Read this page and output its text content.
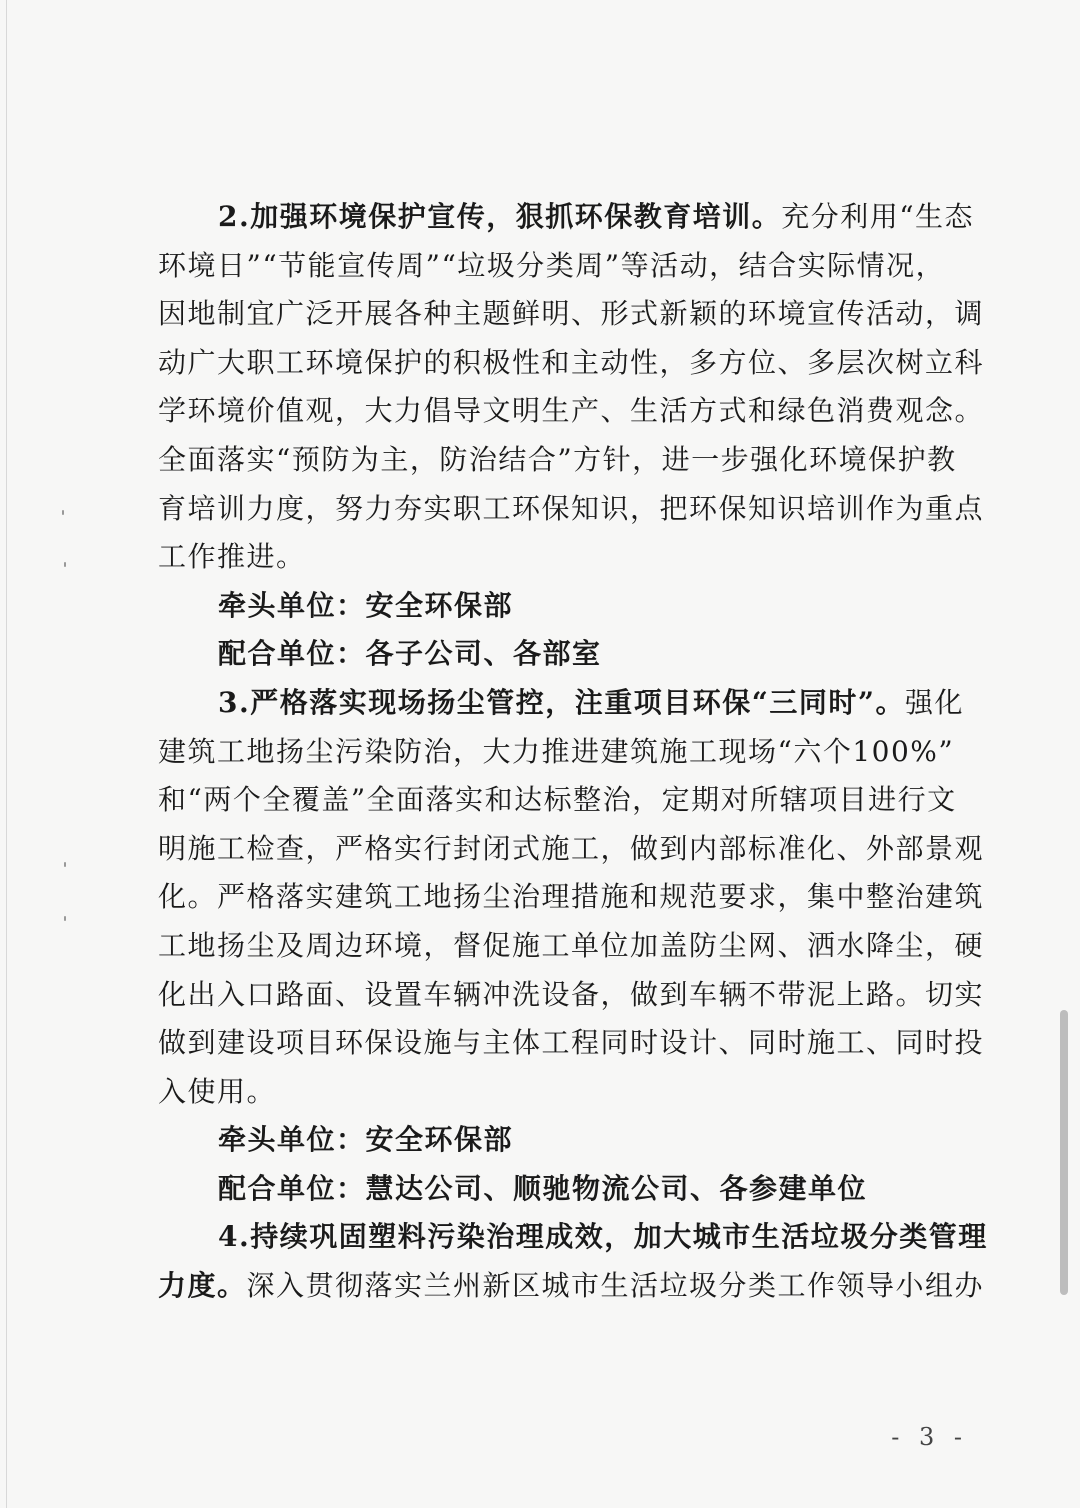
2.加强环境保护宣传，狠抓环保教育培训。充分利用“生态
环境日”“节能宣传周”“垃圾分类周”等活动，结合实际情况，
因地制宜广泛开展各种主题鲜明、形式新颖的环境宣传活动，调
动广大职工环境保护的积极性和主动性，多方位、多层次树立科
学环境价值观，大力倡导文明生产、生活方式和绿色消费观念。
全面落实“预防为主，防治结合”方针，进一步强化环境保护教
育培训力度，努力夯实职工环保知识，把环保知识培训作为重点
工作推进。
牵头单位：安全环保部
配合单位：各子公司、各部室
3.严格落实现场扬尘管控，注重项目环保“三同时”。强化
建筑工地扬尘污染防治，大力推进建筑施工现场“六个100%”
和“两个全覆盖”全面落实和达标整治，定期对所辖项目进行文
明施工检查，严格实行封闭式施工，做到内部标准化、外部景观
化。严格落实建筑工地扬尘治理措施和规范要求，集中整治建筑
工地扬尘及周边环境，督促施工单位加盖防尘网、洒水降尘，硬
化出入口路面、设置车辆冲洗设备，做到车辆不带泥上路。切实
做到建设项目环保设施与主体工程同时设计、同时施工、同时投
入使用。
牵头单位：安全环保部
配合单位：慧达公司、顺驰物流公司、各参建单位
4.持续巩固塑料污染治理成效，加大城市生活垃圾分类管理
力度。深入贯彻落实兰州新区城市生活垃圾分类工作领导小组办
- 3 -
